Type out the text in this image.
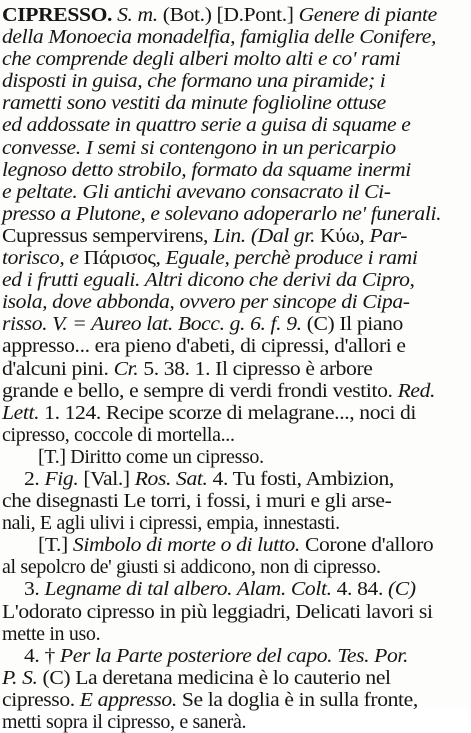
CIPRESSO. S. m. (Bot.) [D.Pont.] Genere di piante
della Monoecia monadelfia, famiglia delle Conifere,
che comprende degli alberi molto alti e co' rami
disposti in guisa, che formano una piramide; i
rametti sono vestiti da minute foglioline ottuse
ed addossate in quattro serie a guisa di squame e
convesse. I semi si contengono in un pericarpio
legnoso detto strobilo, formato da squame inermi
e peltate. Gli antichi avevano consacrato il Ci-
presso a Plutone, e solevano adoperarlo ne' funerali.
Cupressus sempervirens, Lin. (Dal gr. Κύω, Par-
torisco, e Πάρισος, Eguale, perchè produce i rami
ed i frutti eguali. Altri dicono che derivi da Cipro,
isola, dove abbonda, ovvero per sincope di Cipa-
risso. V. = Aureo lat. Bocc. g. 6. f. 9. (C) Il piano
appresso... era pieno d'abeti, di cipressi, d'allori e
d'alcuni pini. Cr. 5. 38. 1. Il cipresso è arbore
grande e bello, e sempre di verdi frondi vestito. Red.
Lett. 1. 124. Recipe scorze di melagrane..., noci di
cipresso, coccole di mortella...
[T.] Diritto come un cipresso.
2. Fig. [Val.] Ros. Sat. 4. Tu fosti, Ambizion,
che disegnasti Le torri, i fossi, i muri e gli arse-
nali, E agli ulivi i cipressi, empia, innestasti.
[T.] Simbolo di morte o di lutto. Corone d'alloro
al sepolcro de' giusti si addicono, non di cipresso.
3. Legname di tal albero. Alam. Colt. 4. 84. (C)
L'odorato cipresso in più leggiadri, Delicati lavori si
mette in uso.
4. † Per la Parte posteriore del capo. Tes. Por.
P. S. (C) La deretana medicina è lo cauterio nel
cipresso. E appresso. Se la doglia è in sulla fronte,
metti sopra il cipresso, e sanerà.
